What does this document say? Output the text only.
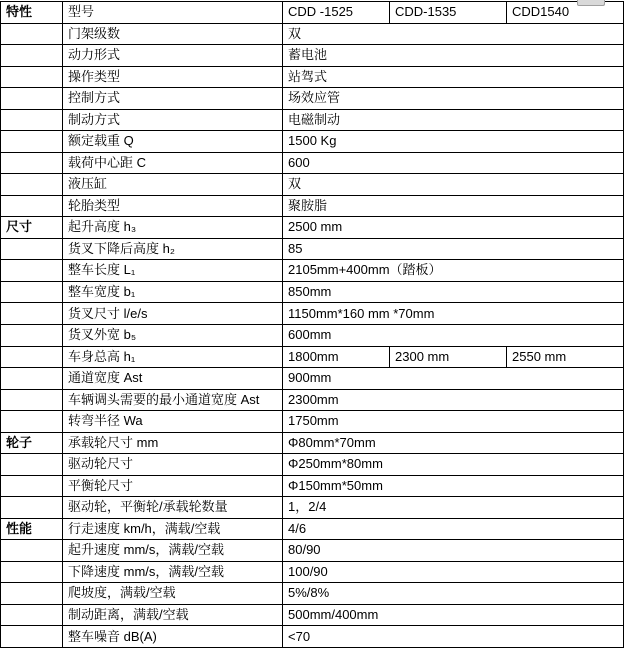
特性	型号	CDD -1525	CDD-1535	CDD1540
	门架级数	双		
	动力形式	蓄电池		
	操作类型	站驾式		
	控制方式	场效应管		
	制动方式	电磁制动		
	额定载重 Q	1500 Kg		
	载荷中心距 C	600		
	液压缸	双		
	轮胎类型	聚胺脂		
尺寸	起升高度 h₃	2500 mm		
	货叉下降后高度 h₂	85		
	整车长度 L₁	2105mm+400mm（踏板）		
	整车宽度 b₁	850mm		
	货叉尺寸 l/e/s	1150mm*160 mm *70mm		
	货叉外宽 b₅	600mm		
	车身总高 h₁	1800mm	2300 mm	2550 mm
	通道宽度 Ast	900mm		
	车辆调头需要的最小通道宽度 Ast	2300mm		
	转弯半径 Wa	1750mm		
轮子	承载轮尺寸 mm	Φ80mm*70mm		
	驱动轮尺寸	Φ250mm*80mm		
	平衡轮尺寸	Φ150mm*50mm		
	驱动轮，平衡轮/承载轮数量	1，2/4		
性能	行走速度 km/h，满载/空载	4/6		
	起升速度 mm/s，满载/空载	80/90		
	下降速度 mm/s，满载/空载	100/90		
	爬坡度，满载/空载	5%/8%		
	制动距离，满载/空载	500mm/400mm		
	整车噪音 dB(A)	<70		
